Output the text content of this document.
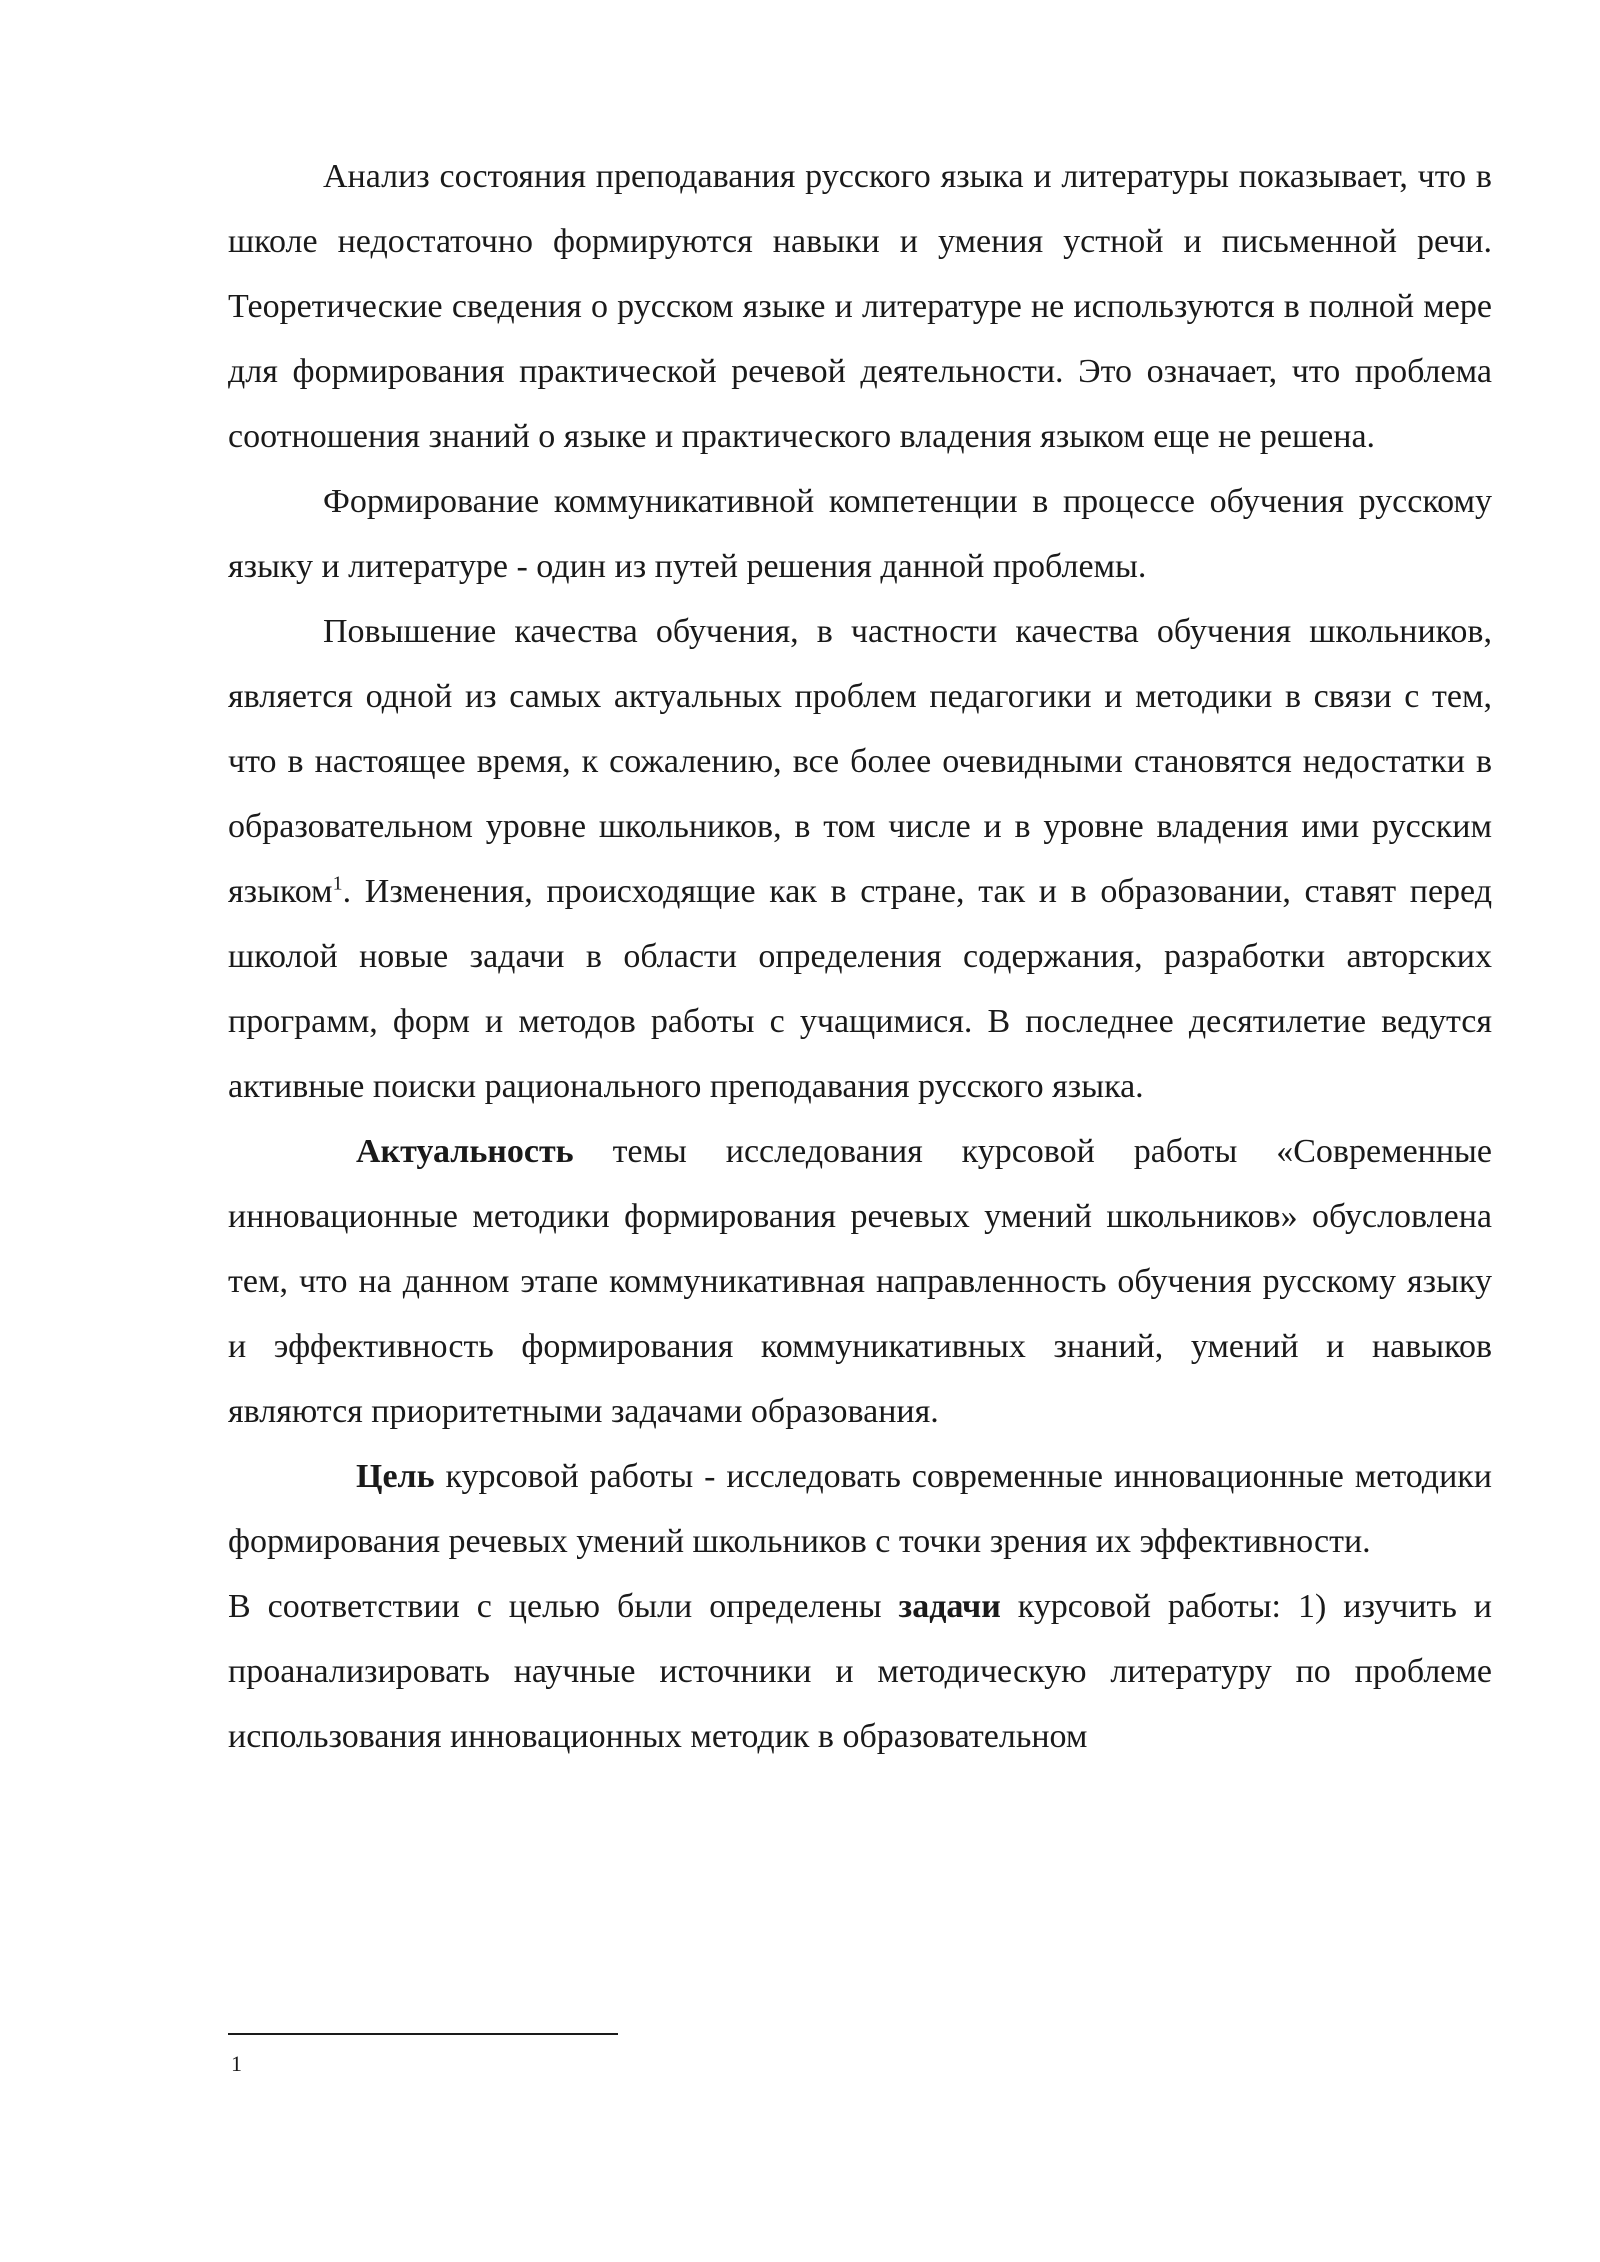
Анализ состояния преподавания русского языка и литературы показывает, что в школе недостаточно формируются навыки и умения устной и письменной речи. Теоретические сведения о русском языке и литературе не используются в полной мере для формирования практической речевой деятельности. Это означает, что проблема соотношения знаний о языке и практического владения языком еще не решена.

Формирование коммуникативной компетенции в процессе обучения русскому языку и литературе - один из путей решения данной проблемы.

Повышение качества обучения, в частности качества обучения школьников, является одной из самых актуальных проблем педагогики и методики в связи с тем, что в настоящее время, к сожалению, все более очевидными становятся недостатки в образовательном уровне школьников, в том числе и в уровне владения ими русским языком$^1$. Изменения, происходящие как в стране, так и в образовании, ставят перед школой новые задачи в области определения содержания, разработки авторских программ, форм и методов работы с учащимися. В последнее десятилетие ведутся активные поиски рационального преподавания русского языка.

Актуальность темы исследования курсовой работы «Современные инновационные методики формирования речевых умений школьников» обусловлена тем, что на данном этапе коммуникативная направленность обучения русскому языку и эффективность формирования коммуникативных знаний, умений и навыков являются приоритетными задачами образования.

Цель курсовой работы - исследовать современные инновационные методики формирования речевых умений школьников с точки зрения их эффективности.

В соответствии с целью были определены задачи курсовой работы: 1) изучить и проанализировать научные источники и методическую литературу по проблеме использования инновационных методик в образовательном

1
